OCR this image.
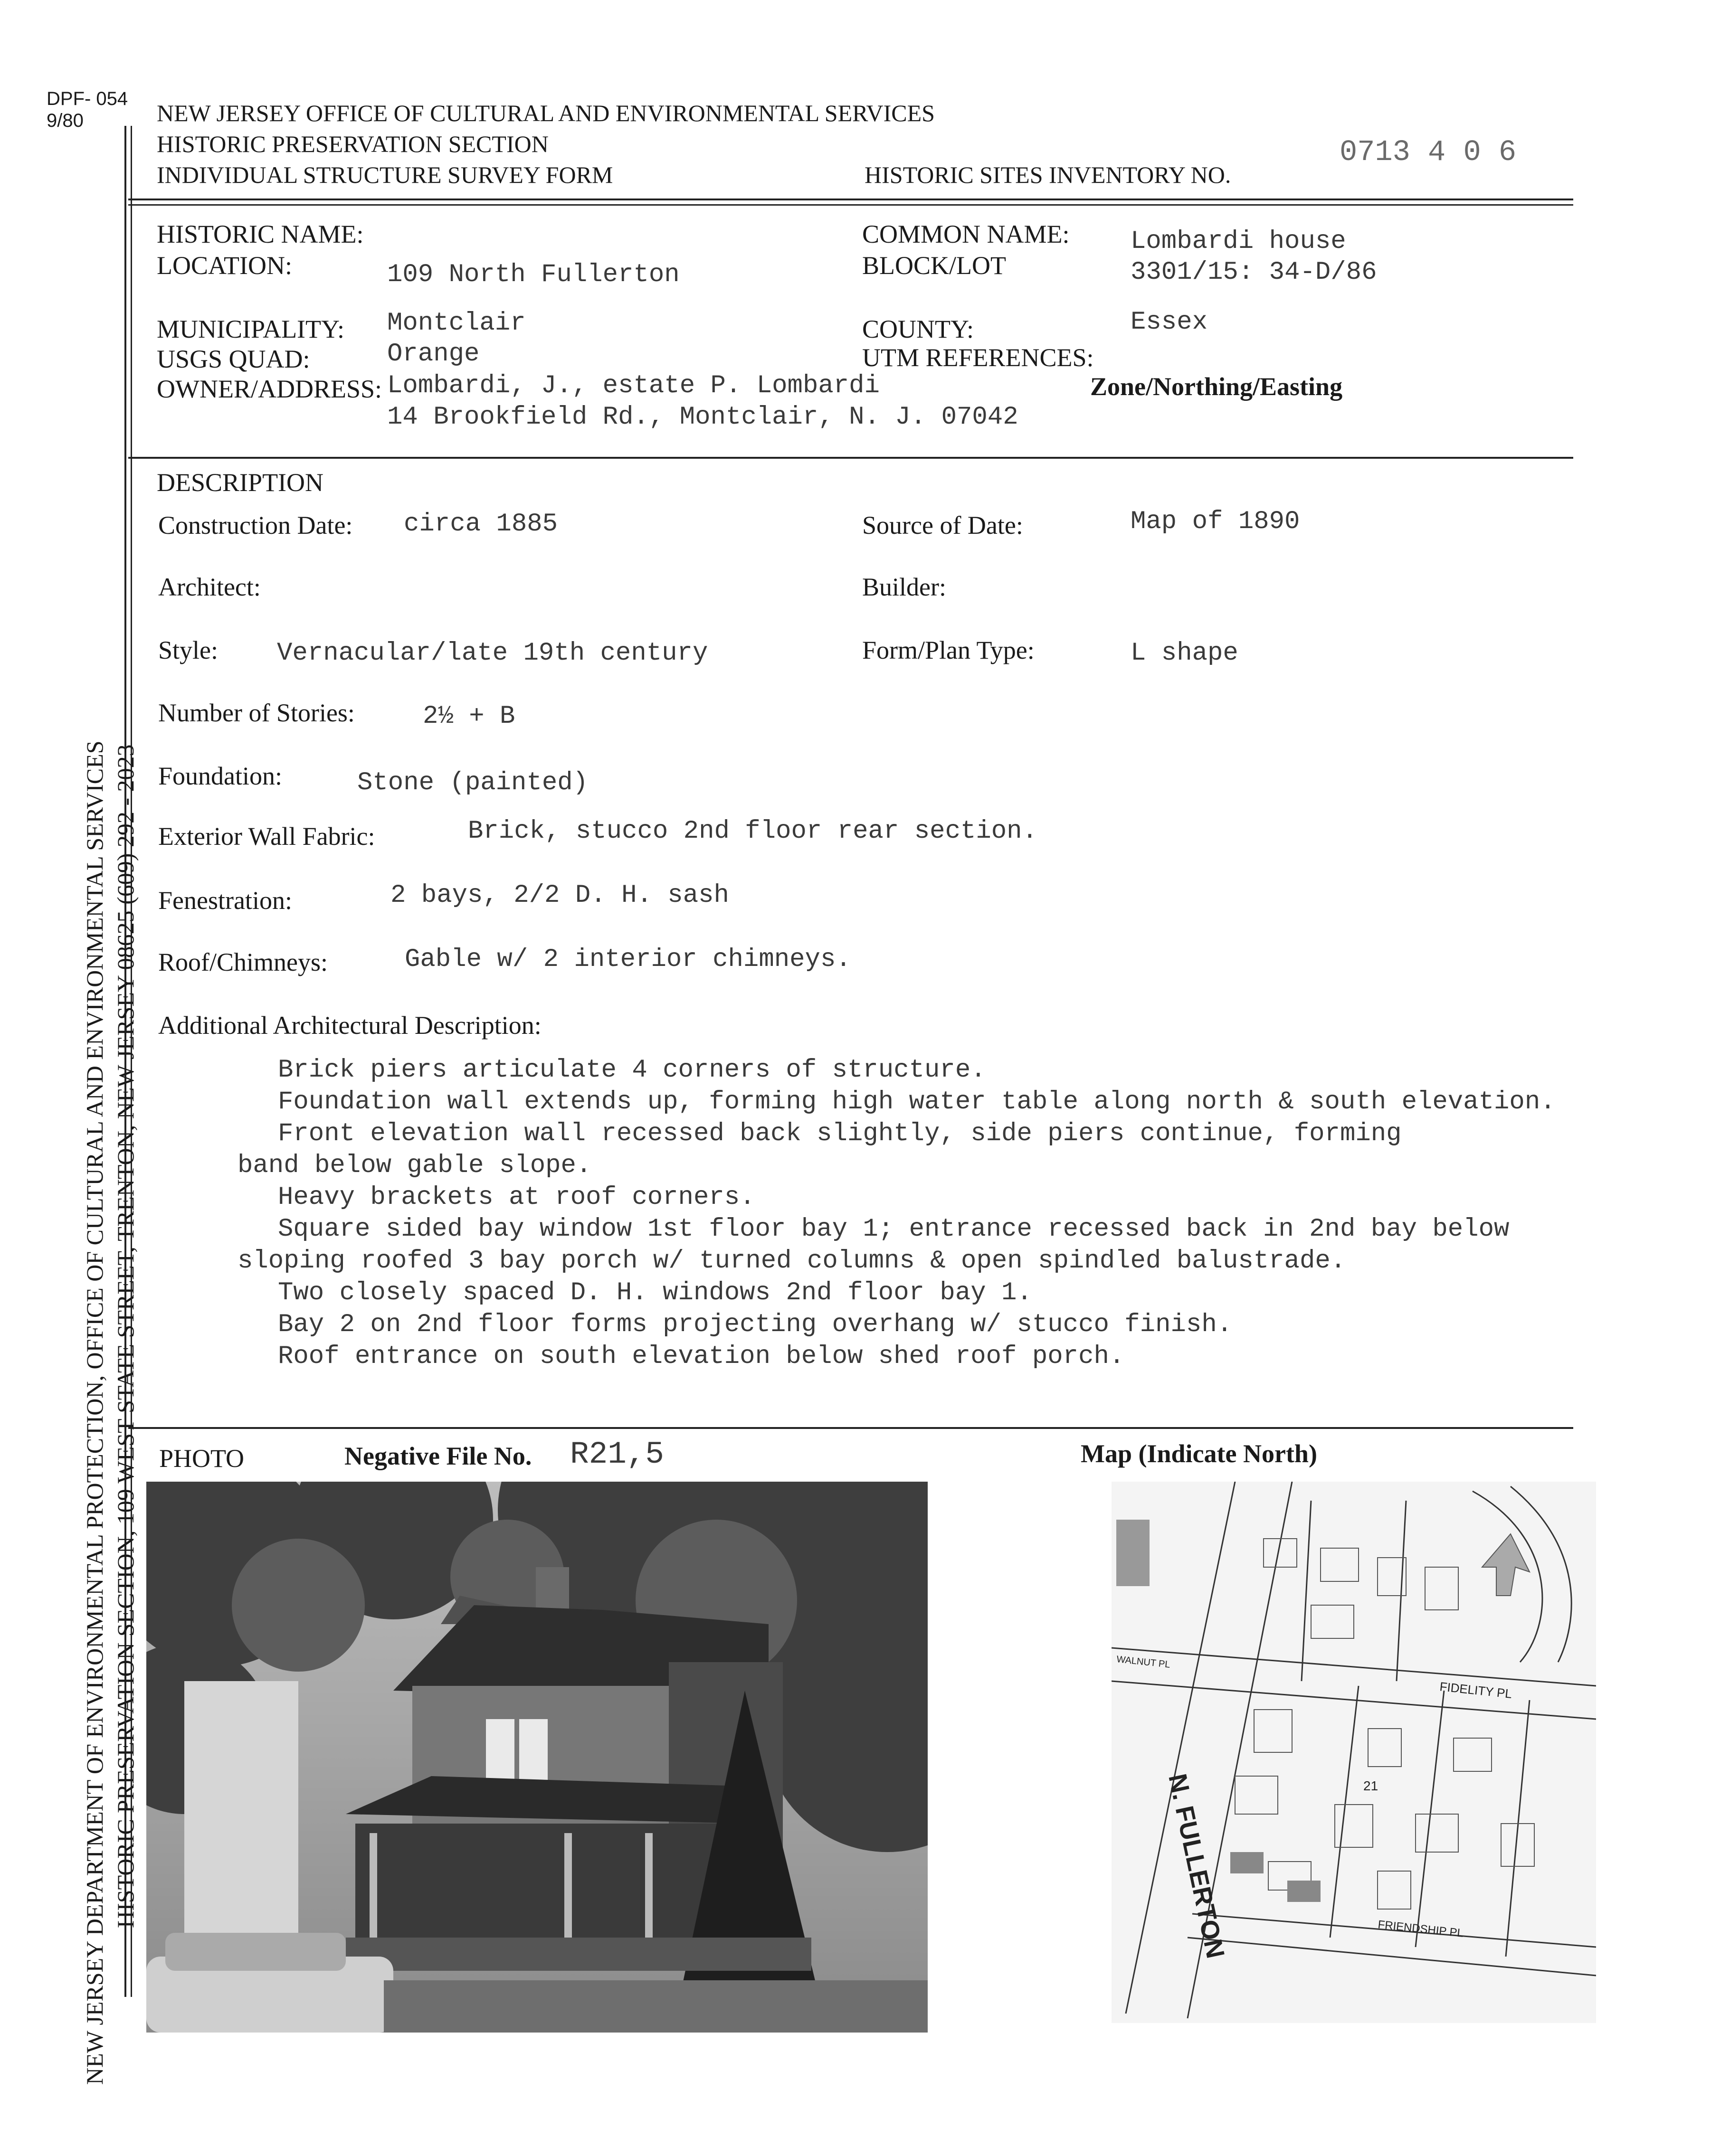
DPF- 054
9/80	NEW JERSEY OFFICE OF CULTURAL AND ENVIRONMENTAL SERVICES
HISTORIC PRESERVATION SECTION
INDIVIDUAL STRUCTURE SURVEY FORM	HISTORIC SITES INVENTORY NO.
0713 4 0 6
NEW JERSEY DEPARTMENT OF ENVIRONMENTAL PROTECTION, OFFICE OF CULTURAL AND ENVIRONMENTAL SERVICES HISTORIC PRESERVATION SECTION, 109 WEST STATE STREET, TRENTON, NEW JERSEY 08625 (609) 292 - 2023
HISTORIC NAME:
LOCATION:	109 North Fullerton
COMMON NAME: Lombardi house
BLOCK/LOT	3301/15: 34-D/86
MUNICIPALITY: Montclair	COUNTY:	Essex
USGS QUAD:	Orange	UTM REFERENCES:
OWNER/ADDRESS: Lombardi, J., estate P. Lombardi
14 Brookfield Rd., Montclair, N. J. 07042
Zone/Northing/Easting
DESCRIPTION
Construction Date: circa 1885	Source of Date:	Map of 1890
Architect:	Builder:
Style: Vernacular/late 19th century	Form/Plan Type:	L shape
Number of Stories:	2½ + B
Foundation:	Stone (painted)
Exterior Wall Fabric:	Brick, stucco 2nd floor rear section.
Fenestration:	2 bays, 2/2 D. H. sash
Roof/Chimneys:	Gable w/ 2 interior chimneys.
Additional Architectural Description:

Brick piers articulate 4 corners of structure.

Foundation wall extends up, forming high water table along north & south elevation.

Front elevation wall recessed back slightly, side piers continue, forming

band below gable slope.

Heavy brackets at roof corners.

Square sided bay window 1st floor bay 1; entrance recessed back in 2nd bay below

sloping roofed 3 bay porch w/ turned columns & open spindled balustrade.

Two closely spaced D. H. windows 2nd floor bay 1.

Bay 2 on 2nd floor forms projecting overhang w/ stucco finish.

Roof entrance on south elevation below shed roof porch.

PHOTO	Negative File No. R21,5	Map (Indicate North)
N. FULLERTON
FIDELITY PL
FRIENDSHIP PL
WALNUT PL
21
